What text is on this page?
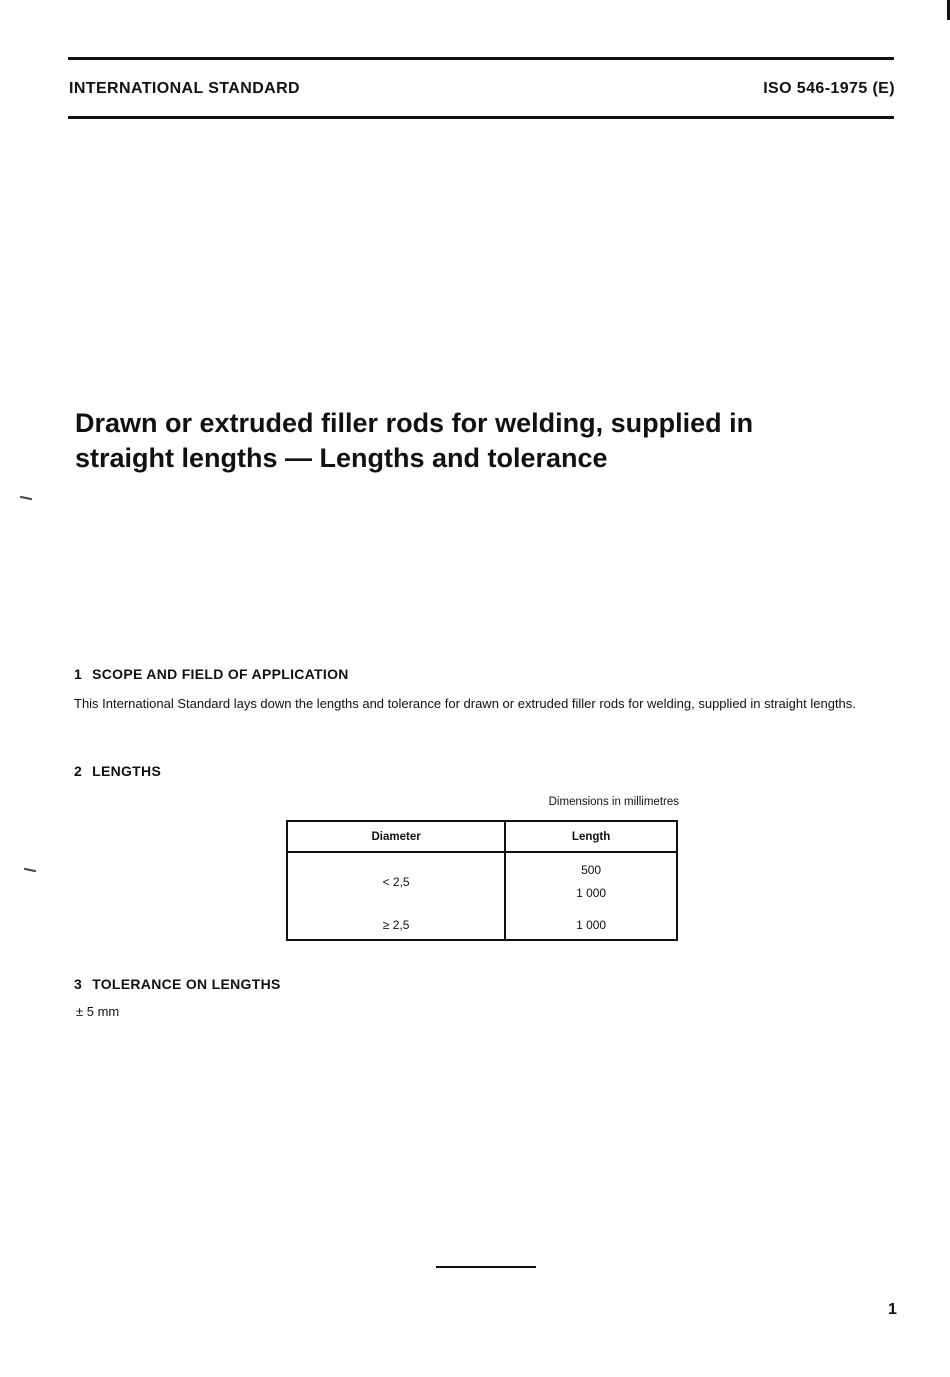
INTERNATIONAL STANDARD	ISO 546-1975 (E)
Drawn or extruded filler rods for welding, supplied in straight lengths — Lengths and tolerance
1 SCOPE AND FIELD OF APPLICATION

This International Standard lays down the lengths and tolerance for drawn or extruded filler rods for welding, supplied in straight lengths.

2 LENGTHS
Dimensions in millimetres
Diameter	Length
< 2,5	500
1 000

≥ 2,5	1 000
3 TOLERANCE ON LENGTHS
± 5 mm
1
